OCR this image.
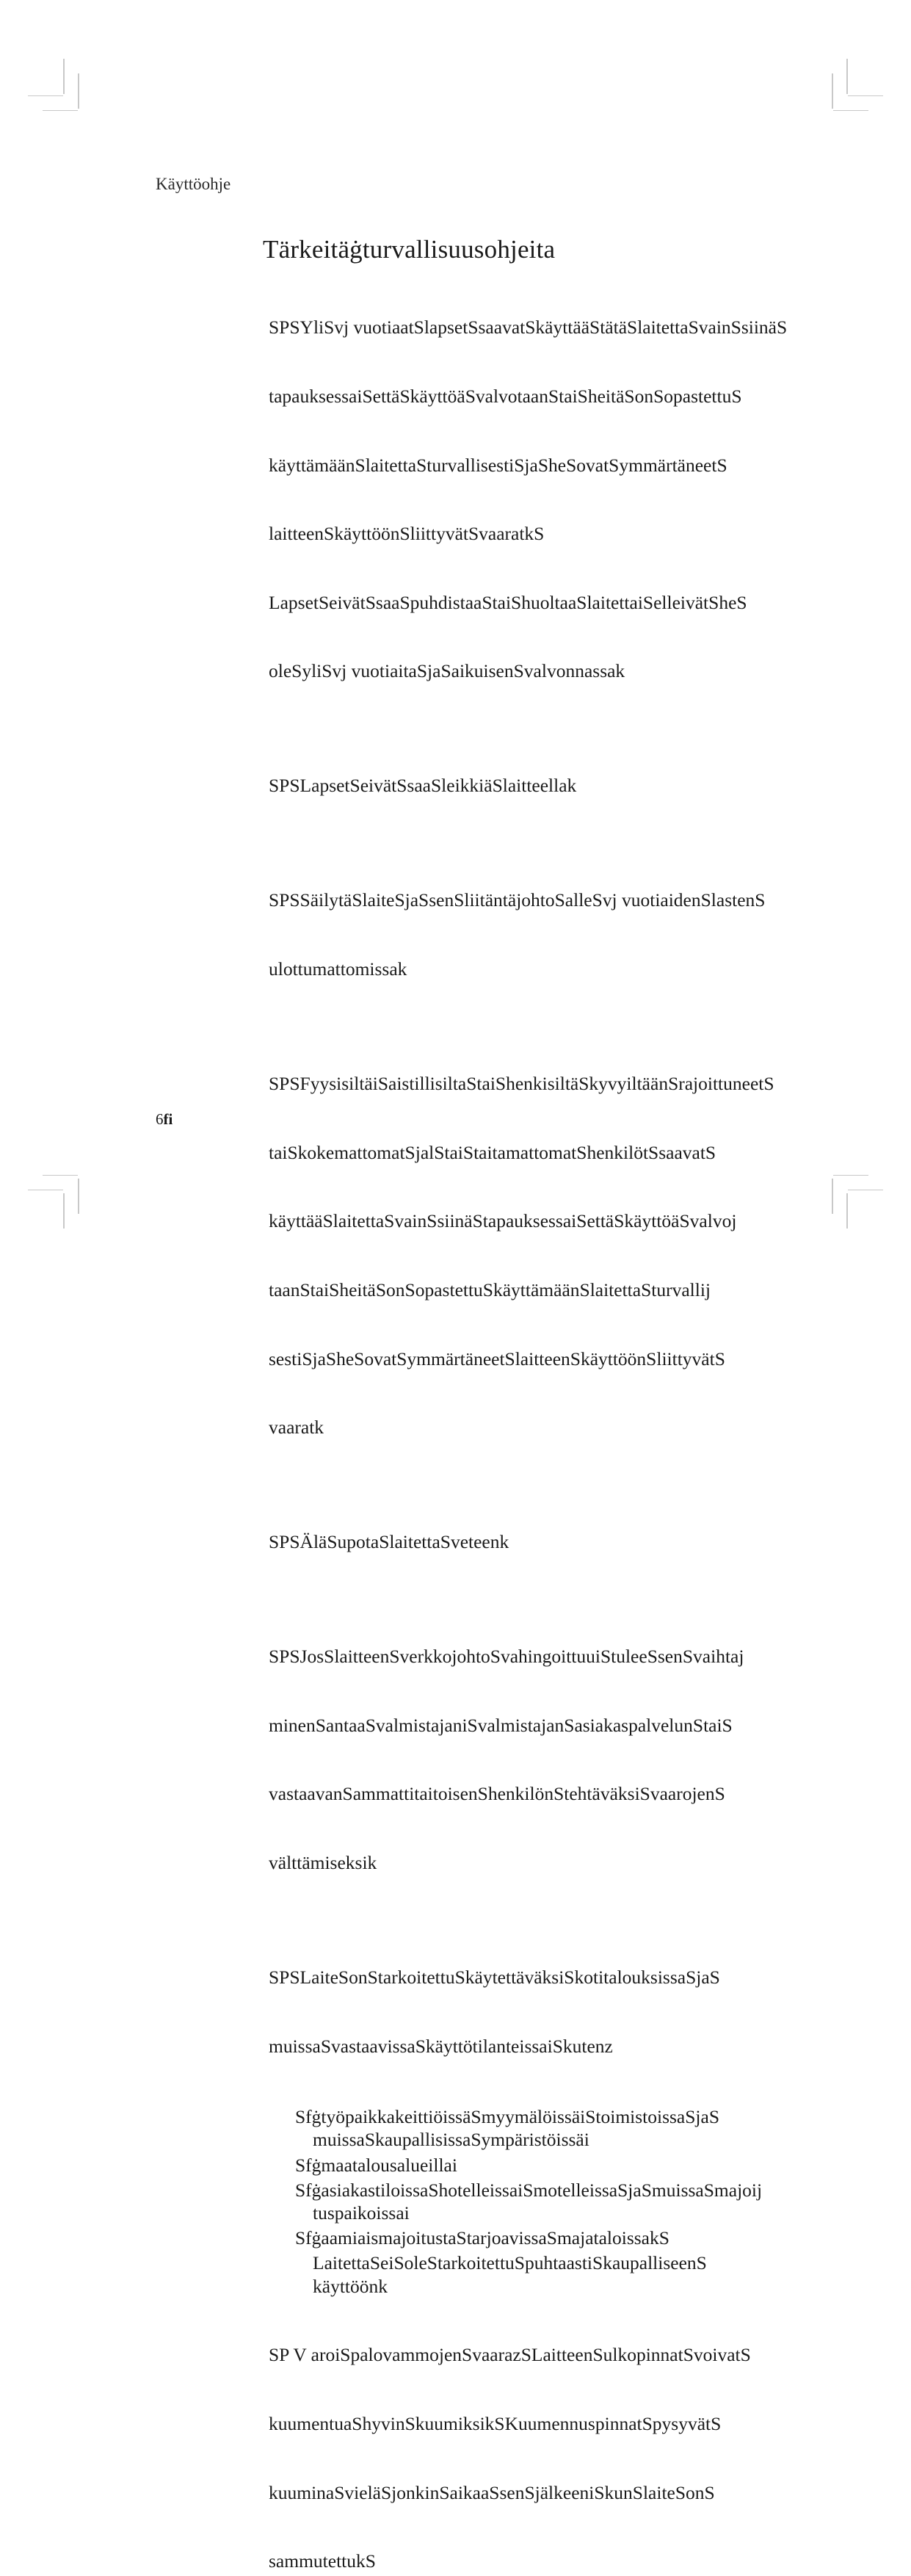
Käyttöohje
Tärkeitäġturvallisuusohjeita

SPSYliSvj vuotiaatSlapsetSsaavatSkäyttääStätäSlaitettaSvainSsiinäS

tapauksessaiSettäSkäyttöäSvalvotaanStaiSheitäSonSopastettuS

käyttämäänSlaitettaSturvallisestiSjaSheSovatSymmärtäneetS

laitteenSkäyttöönSliittyvätSvaaratkS

LapsetSeivätSsaaSpuhdistaaStaiShuoltaaSlaitettaiSelleivätSheS

oleSyliSvj vuotiaitaSjaSaikuisenSvalvonnassak

SPSLapsetSeivätSsaaSleikkiäSlaitteellak

SPSSäilytäSlaiteSjaSsenSliitäntäjohtoSalleSvj vuotiaidenSlastenS

ulottumattomissak

SPSFyysisiltäiSaistillisiltaStaiShenkisiltäSkyvyiltäänSrajoittuneetS

taiSkokemattomatSjalStaiStaitamattomatShenkilötSsaavatS

käyttääSlaitettaSvainSsiinäStapauksessaiSettäSkäyttöäSvalvoj

taanStaiSheitäSonSopastettuSkäyttämäänSlaitettaSturvallij

sestiSjaSheSovatSymmärtäneetSlaitteenSkäyttöönSliittyvätS

vaaratk

SPSÄläSupotaSlaitettaSveteenk

SPSJosSlaitteenSverkkojohtoSvahingoittuuiStuleeSsenSvaihtaj

minenSantaaSvalmistajaniSvalmistajanSasiakaspalvelunStaiS

vastaavanSammattitaitoisenShenkilönStehtäväksiSvaarojenS

välttämiseksik

SPSLaiteSonStarkoitettuSkäytettäväksiSkotitalouksissaSjaS

muissaSvastaavissaSkäyttötilanteissaiSkutenz

SfġtyöpaikkakeittiöissäSmyymälöissäiStoimistoissaSjaS muissaSkaupallisissaSympäristöissäi
Sfġmaatalousalueillai
SfġasiakastiloissaShotelleissaiSmotelleissaSjaSmuissaSmajoij tuspaikoissai
SfġaamiaismajoitustaStarjoavissaSmajataloissakS
LaitettaSeiSoleStarkoitettuSpuhtaastiSkaupalliseenS
käyttöönk

SP V aroiSpalovammojenSvaarazSLaitteenSulkopinnatSvoivatS

kuumentuaShyvinSkuumiksikSKuumennuspinnatSpysyvätS

kuuminaSvieläSjonkinSaikaaSsenSjälkeeniSkunSlaiteSonS

sammutettukS

6fi
